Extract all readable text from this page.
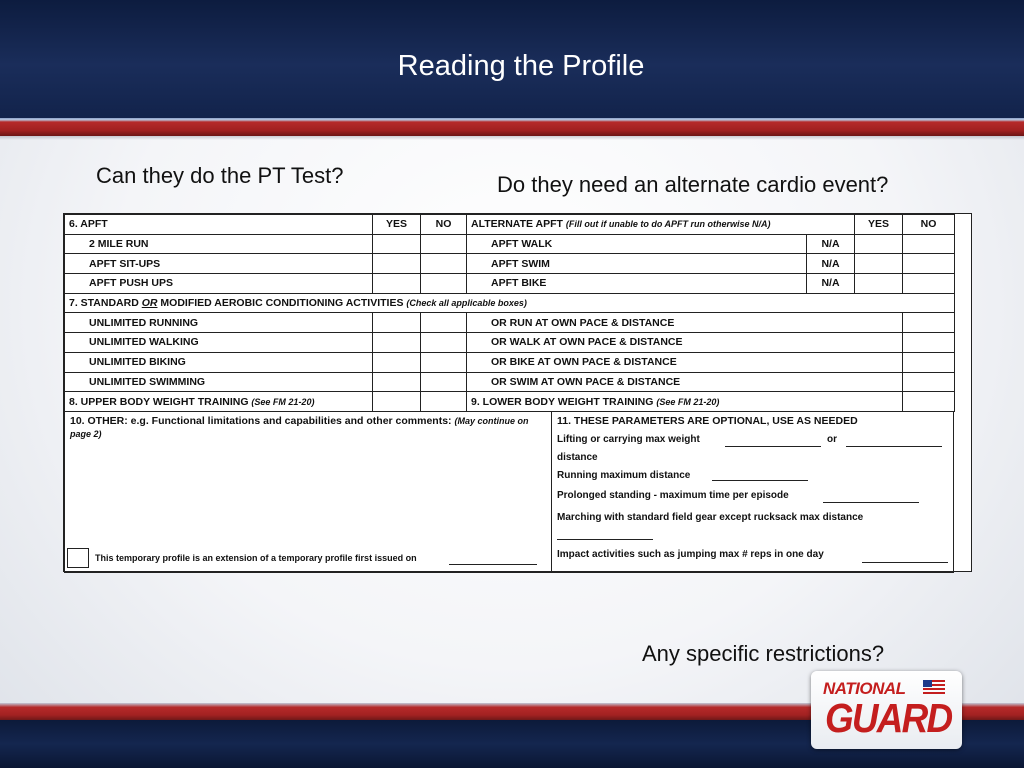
Reading the Profile
Can they do the PT Test?	Do they need an alternate cardio event?
6. APFT	YES	NO	ALTERNATE APFT (Fill out if unable to do APFT run otherwise N/A)		YES	NO
2 MILE RUN			APFT WALK	N/A		
APFT SIT-UPS			APFT SWIM	N/A		
APFT PUSH UPS			APFT BIKE	N/A		
7. STANDARD OR MODIFIED AEROBIC CONDITIONING ACTIVITIES (Check all applicable boxes)						
UNLIMITED RUNNING			OR RUN AT OWN PACE & DISTANCE			
UNLIMITED WALKING			OR WALK AT OWN PACE & DISTANCE			
UNLIMITED BIKING			OR BIKE AT OWN PACE & DISTANCE			
UNLIMITED SWIMMING			OR SWIM AT OWN PACE & DISTANCE			
8. UPPER BODY WEIGHT TRAINING (See FM 21-20)			9. LOWER BODY WEIGHT TRAINING (See FM 21-20)			
10. OTHER: e.g. Functional limitations and capabilities and other comments: (May continue on page 2)
This temporary profile is an extension of a temporary profile first issued on
11. THESE PARAMETERS ARE OPTIONAL, USE AS NEEDED
Lifting or carrying max weight	or
distance
Running maximum distance
Prolonged standing - maximum time per episode
Marching with standard field gear except rucksack max distance
Impact activities such as jumping max # reps in one day
Any specific restrictions?
NATIONAL
GUARD
